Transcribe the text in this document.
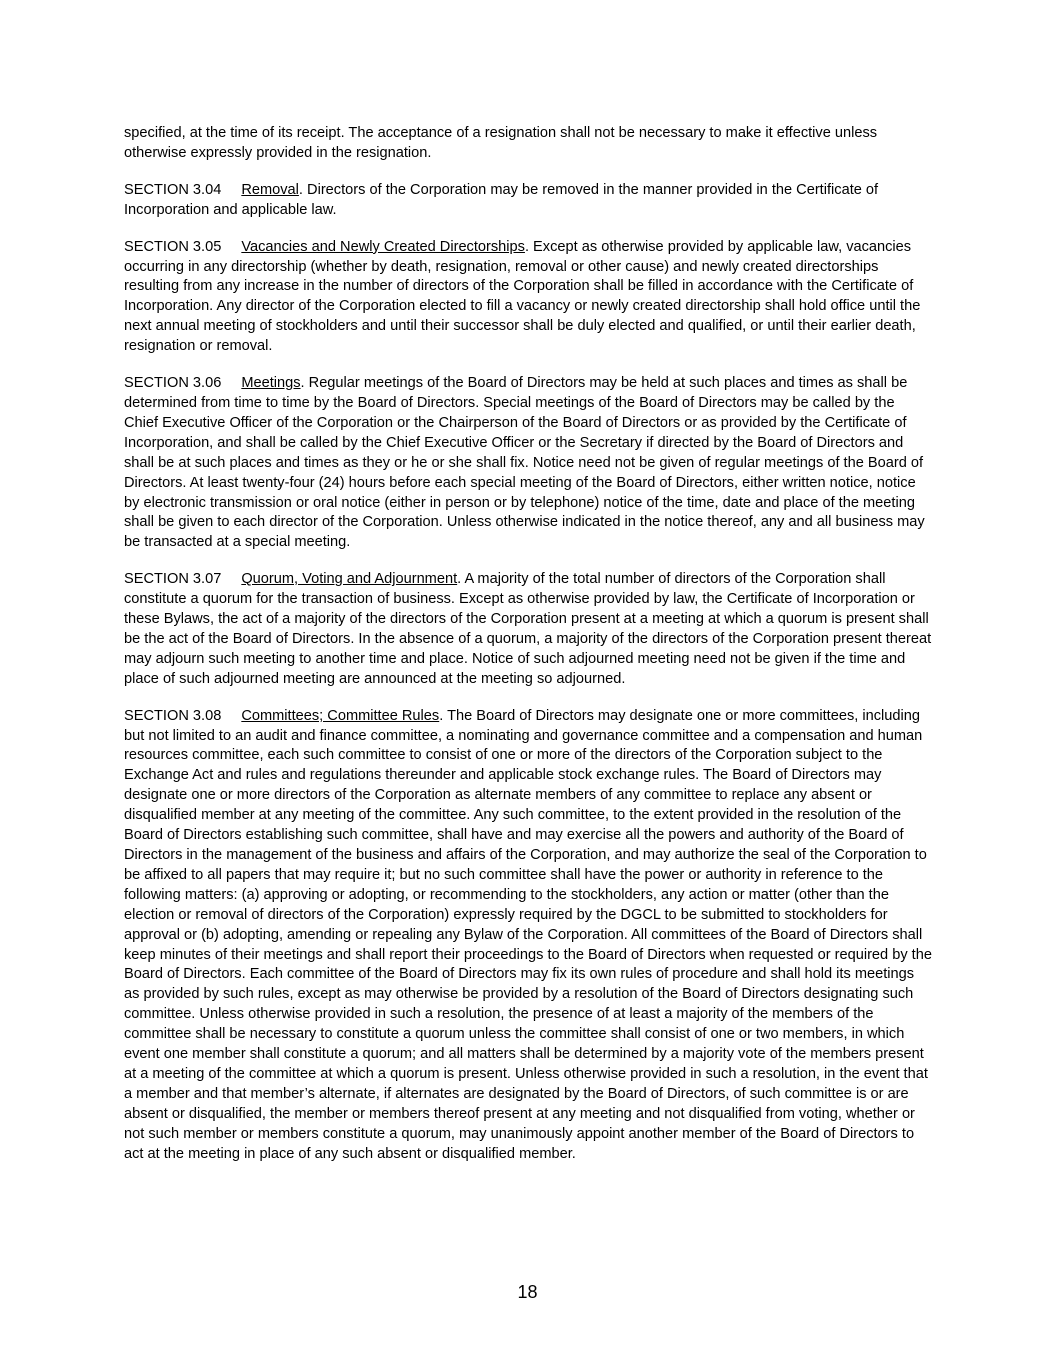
specified, at the time of its receipt. The acceptance of a resignation shall not be necessary to make it effective unless otherwise expressly provided in the resignation.

SECTION 3.04 Removal. Directors of the Corporation may be removed in the manner provided in the Certificate of Incorporation and applicable law.

SECTION 3.05 Vacancies and Newly Created Directorships. Except as otherwise provided by applicable law, vacancies occurring in any directorship (whether by death, resignation, removal or other cause) and newly created directorships resulting from any increase in the number of directors of the Corporation shall be filled in accordance with the Certificate of Incorporation. Any director of the Corporation elected to fill a vacancy or newly created directorship shall hold office until the next annual meeting of stockholders and until their successor shall be duly elected and qualified, or until their earlier death, resignation or removal.

SECTION 3.06 Meetings. Regular meetings of the Board of Directors may be held at such places and times as shall be determined from time to time by the Board of Directors. Special meetings of the Board of Directors may be called by the Chief Executive Officer of the Corporation or the Chairperson of the Board of Directors or as provided by the Certificate of Incorporation, and shall be called by the Chief Executive Officer or the Secretary if directed by the Board of Directors and shall be at such places and times as they or he or she shall fix. Notice need not be given of regular meetings of the Board of Directors. At least twenty-four (24) hours before each special meeting of the Board of Directors, either written notice, notice by electronic transmission or oral notice (either in person or by telephone) notice of the time, date and place of the meeting shall be given to each director of the Corporation. Unless otherwise indicated in the notice thereof, any and all business may be transacted at a special meeting.

SECTION 3.07 Quorum, Voting and Adjournment. A majority of the total number of directors of the Corporation shall constitute a quorum for the transaction of business. Except as otherwise provided by law, the Certificate of Incorporation or these Bylaws, the act of a majority of the directors of the Corporation present at a meeting at which a quorum is present shall be the act of the Board of Directors. In the absence of a quorum, a majority of the directors of the Corporation present thereat may adjourn such meeting to another time and place. Notice of such adjourned meeting need not be given if the time and place of such adjourned meeting are announced at the meeting so adjourned.

SECTION 3.08 Committees; Committee Rules. The Board of Directors may designate one or more committees, including but not limited to an audit and finance committee, a nominating and governance committee and a compensation and human resources committee, each such committee to consist of one or more of the directors of the Corporation subject to the Exchange Act and rules and regulations thereunder and applicable stock exchange rules. The Board of Directors may designate one or more directors of the Corporation as alternate members of any committee to replace any absent or disqualified member at any meeting of the committee. Any such committee, to the extent provided in the resolution of the Board of Directors establishing such committee, shall have and may exercise all the powers and authority of the Board of Directors in the management of the business and affairs of the Corporation, and may authorize the seal of the Corporation to be affixed to all papers that may require it; but no such committee shall have the power or authority in reference to the following matters: (a) approving or adopting, or recommending to the stockholders, any action or matter (other than the election or removal of directors of the Corporation) expressly required by the DGCL to be submitted to stockholders for approval or (b) adopting, amending or repealing any Bylaw of the Corporation. All committees of the Board of Directors shall keep minutes of their meetings and shall report their proceedings to the Board of Directors when requested or required by the Board of Directors. Each committee of the Board of Directors may fix its own rules of procedure and shall hold its meetings as provided by such rules, except as may otherwise be provided by a resolution of the Board of Directors designating such committee. Unless otherwise provided in such a resolution, the presence of at least a majority of the members of the committee shall be necessary to constitute a quorum unless the committee shall consist of one or two members, in which event one member shall constitute a quorum; and all matters shall be determined by a majority vote of the members present at a meeting of the committee at which a quorum is present. Unless otherwise provided in such a resolution, in the event that a member and that member’s alternate, if alternates are designated by the Board of Directors, of such committee is or are absent or disqualified, the member or members thereof present at any meeting and not disqualified from voting, whether or not such member or members constitute a quorum, may unanimously appoint another member of the Board of Directors to act at the meeting in place of any such absent or disqualified member.

18
